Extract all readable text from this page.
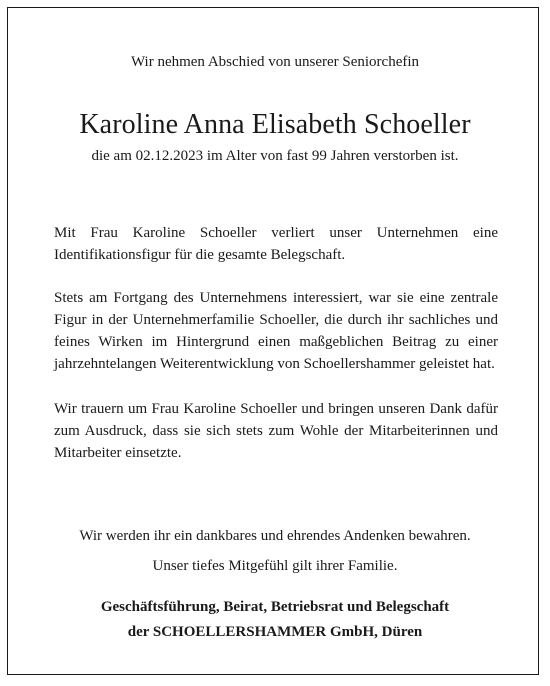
Wir nehmen Abschied von unserer Seniorchefin
Karoline Anna Elisabeth Schoeller
die am 02.12.2023 im Alter von fast 99 Jahren verstorben ist.

Mit Frau Karoline Schoeller verliert unser Unternehmen eine Identifikationsfigur für die gesamte Belegschaft.

Stets am Fortgang des Unternehmens interessiert, war sie eine zentrale Figur in der Unternehmerfamilie Schoeller, die durch ihr sachliches und feines Wirken im Hintergrund einen maßgeblichen Beitrag zu einer jahrzehntelangen Weiterentwicklung von Schoellershammer geleistet hat.

Wir trauern um Frau Karoline Schoeller und bringen unseren Dank dafür zum Ausdruck, dass sie sich stets zum Wohle der Mitarbeiterinnen und Mitarbeiter einsetzte.

Wir werden ihr ein dankbares und ehrendes Andenken bewahren.
Unser tiefes Mitgefühl gilt ihrer Familie.
Geschäftsführung, Beirat, Betriebsrat und Belegschaft
der SCHOELLERSHAMMER GmbH, Düren
